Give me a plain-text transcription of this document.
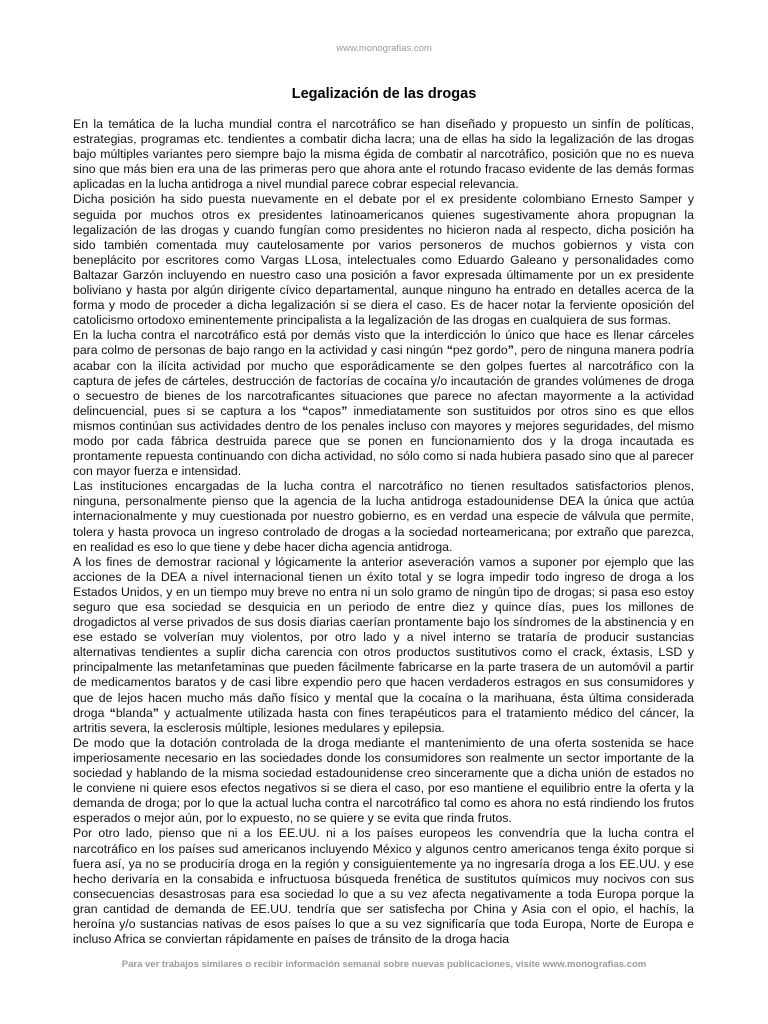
www.monografias.com
Legalización de las drogas

En la temática de la lucha mundial contra el narcotráfico se han diseñado y propuesto un sinfín de políticas, estrategias, programas etc. tendientes a combatir dicha lacra; una de ellas ha sido la legalización de las drogas bajo múltiples variantes pero siempre bajo la misma égida de combatir al narcotráfico, posición que no es nueva sino que más bien era una de las primeras pero que ahora ante el rotundo fracaso evidente de las demás formas aplicadas en la lucha antidroga a nivel mundial parece cobrar especial relevancia.

Dicha posición ha sido puesta nuevamente en el debate por el ex presidente colombiano Ernesto Samper y seguida por muchos otros ex presidentes latinoamericanos quienes sugestivamente ahora propugnan la legalización de las drogas y cuando fungían como presidentes no hicieron nada al respecto, dicha posición ha sido también comentada muy cautelosamente por varios personeros de muchos gobiernos y vista con beneplácito por escritores como Vargas LLosa, intelectuales como Eduardo Galeano y personalidades como Baltazar Garzón incluyendo en nuestro caso una posición a favor expresada últimamente por un ex presidente boliviano y hasta por algún dirigente cívico departamental, aunque ninguno ha entrado en detalles acerca de la forma y modo de proceder a dicha legalización si se diera el caso. Es de hacer notar la ferviente oposición del catolicismo ortodoxo eminentemente principalista a la legalización de las drogas en cualquiera de sus formas.

En la lucha contra el narcotráfico está por demás visto que la interdicción lo único que hace es llenar cárceles para colmo de personas de bajo rango en la actividad y casi ningún “pez gordo”, pero de ninguna manera podría acabar con la ilícita actividad por mucho que esporádicamente se den golpes fuertes al narcotráfico con la captura de jefes de cárteles, destrucción de factorías de cocaína y/o incautación de grandes volúmenes de droga o secuestro de bienes de los narcotraficantes situaciones que parece no afectan mayormente a la actividad delincuencial, pues si se captura a los “capos” inmediatamente son sustituidos por otros sino es que ellos mismos continúan sus actividades dentro de los penales incluso con mayores y mejores seguridades, del mismo modo por cada fábrica destruida parece que se ponen en funcionamiento dos y la droga incautada es prontamente repuesta continuando con dicha actividad, no sólo como si nada hubiera pasado sino que al parecer con mayor fuerza e intensidad.

Las instituciones encargadas de la lucha contra el narcotráfico no tienen resultados satisfactorios plenos, ninguna, personalmente pienso que la agencia de la lucha antidroga estadounidense DEA la única que actúa internacionalmente y muy cuestionada por nuestro gobierno, es en verdad una especie de válvula que permite, tolera y hasta provoca un ingreso controlado de drogas a la sociedad norteamericana; por extraño que parezca, en realidad es eso lo que tiene y debe hacer dicha agencia antidroga.

A los fines de demostrar racional y lógicamente la anterior aseveración vamos a suponer por ejemplo que las acciones de la DEA a nivel internacional tienen un éxito total y se logra impedir todo ingreso de droga a los Estados Unidos, y en un tiempo muy breve no entra ni un solo gramo de ningún tipo de drogas; si pasa eso estoy seguro que esa sociedad se desquicia en un periodo de entre diez y quince días, pues los millones de drogadictos al verse privados de sus dosis diarias caerían prontamente bajo los síndromes de la abstinencia y en ese estado se volverían muy violentos, por otro lado y a nivel interno se trataría de producir sustancias alternativas tendientes a suplir dicha carencia con otros productos sustitutivos como el crack, éxtasis, LSD y principalmente las metanfetaminas que pueden fácilmente fabricarse en la parte trasera de un automóvil a partir de medicamentos baratos y de casi libre expendio pero que hacen verdaderos estragos en sus consumidores y que de lejos hacen mucho más daño físico y mental que la cocaína o la marihuana, ésta última considerada droga “blanda” y actualmente utilizada hasta con fines terapéuticos para el tratamiento médico del cáncer, la artritis severa, la esclerosis múltiple, lesiones medulares y epilepsia.

De modo que la dotación controlada de la droga mediante el mantenimiento de una oferta sostenida se hace imperiosamente necesario en las sociedades donde los consumidores son realmente un sector importante de la sociedad y hablando de la misma sociedad estadounidense creo sinceramente que a dicha unión de estados no le conviene ni quiere esos efectos negativos si se diera el caso, por eso mantiene el equilibrio entre la oferta y la demanda de droga; por lo que la actual lucha contra el narcotráfico tal como es ahora no está rindiendo los frutos esperados o mejor aún, por lo expuesto, no se quiere y se evita que rinda frutos.

Por otro lado, pienso que ni a los EE.UU. ni a los países europeos les convendría que la lucha contra el narcotráfico en los países sud americanos incluyendo México y algunos centro americanos tenga éxito porque si fuera así, ya no se produciría droga en la región y consiguientemente ya no ingresaría droga a los EE.UU. y ese hecho derivaría en la consabida e infructuosa búsqueda frenética de sustitutos químicos muy nocivos con sus consecuencias desastrosas para esa sociedad lo que a su vez afecta negativamente a toda Europa porque la gran cantidad de demanda de EE.UU. tendría que ser satisfecha por China y Asia con el opio, el hachís, la heroína y/o sustancias nativas de esos países lo que a su vez significaría que toda Europa, Norte de Europa e incluso Africa se conviertan rápidamente en países de tránsito de la droga hacia

Para ver trabajos similares o recibir información semanal sobre nuevas publicaciones, visite www.monografias.com
